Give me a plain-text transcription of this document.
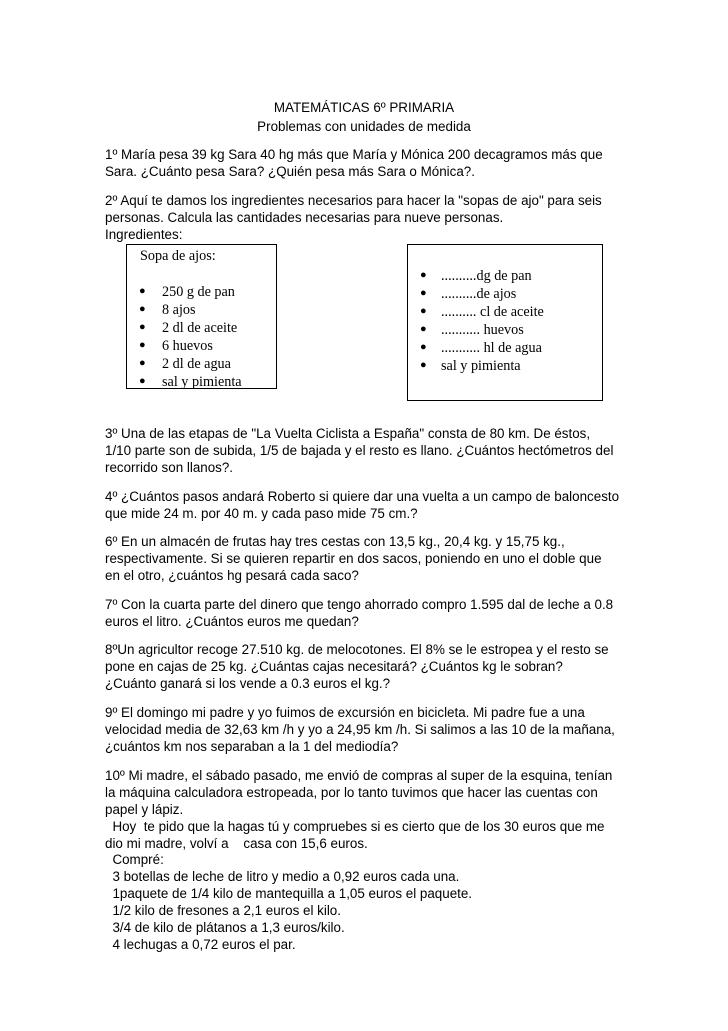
MATEMÁTICAS 6º PRIMARIA
Problemas con unidades de medida
1º María pesa 39 kg Sara 40 hg más que María y Mónica 200 decagramos más que
Sara. ¿Cuánto pesa Sara? ¿Quién pesa más Sara o Mónica?.
2º Aquí te damos los ingredientes necesarios para hacer la "sopas de ajo" para seis
personas. Calcula las cantidades necesarias para nueve personas.
Ingredientes:
Sopa de ajos:
● 250 g de pan
● 8 ajos
● 2 dl de aceite
● 6 huevos
● 2 dl de agua
● sal y pimienta
● ..........dg de pan
● ..........de ajos
● .......... cl de aceite
● ........... huevos
● ........... hl de agua
● sal y pimienta
3º Una de las etapas de "La Vuelta Ciclista a España" consta de 80 km. De éstos,
1/10 parte son de subida, 1/5 de bajada y el resto es llano. ¿Cuántos hectómetros del
recorrido son llanos?.
4º ¿Cuántos pasos andará Roberto si quiere dar una vuelta a un campo de baloncesto
que mide 24 m. por 40 m. y cada paso mide 75 cm.?
6º En un almacén de frutas hay tres cestas con 13,5 kg., 20,4 kg. y 15,75 kg.,
respectivamente. Si se quieren repartir en dos sacos, poniendo en uno el doble que
en el otro, ¿cuántos hg pesará cada saco?
7º Con la cuarta parte del dinero que tengo ahorrado compro 1.595 dal de leche a 0.8
euros el litro. ¿Cuántos euros me quedan?
8ºUn agricultor recoge 27.510 kg. de melocotones. El 8% se le estropea y el resto se
pone en cajas de 25 kg. ¿Cuántas cajas necesitará? ¿Cuántos kg le sobran?
¿Cuánto ganará si los vende a 0.3 euros el kg.?
9º El domingo mi padre y yo fuimos de excursión en bicicleta. Mi padre fue a una
velocidad media de 32,63 km /h y yo a 24,95 km /h. Si salimos a las 10 de la mañana,
¿cuántos km nos separaban a la 1 del mediodía?
10º Mi madre, el sábado pasado, me envió de compras al super de la esquina, tenían
la máquina calculadora estropeada, por lo tanto tuvimos que hacer las cuentas con
papel y lápiz.
Hoy  te pido que la hagas tú y compruebes si es cierto que de los 30 euros que me
dio mi madre, volví a    casa con 15,6 euros.
Compré:
3 botellas de leche de litro y medio a 0,92 euros cada una.
1paquete de 1/4 kilo de mantequilla a 1,05 euros el paquete.
1/2 kilo de fresones a 2,1 euros el kilo.
3/4 de kilo de plátanos a 1,3 euros/kilo.
4 lechugas a 0,72 euros el par.
